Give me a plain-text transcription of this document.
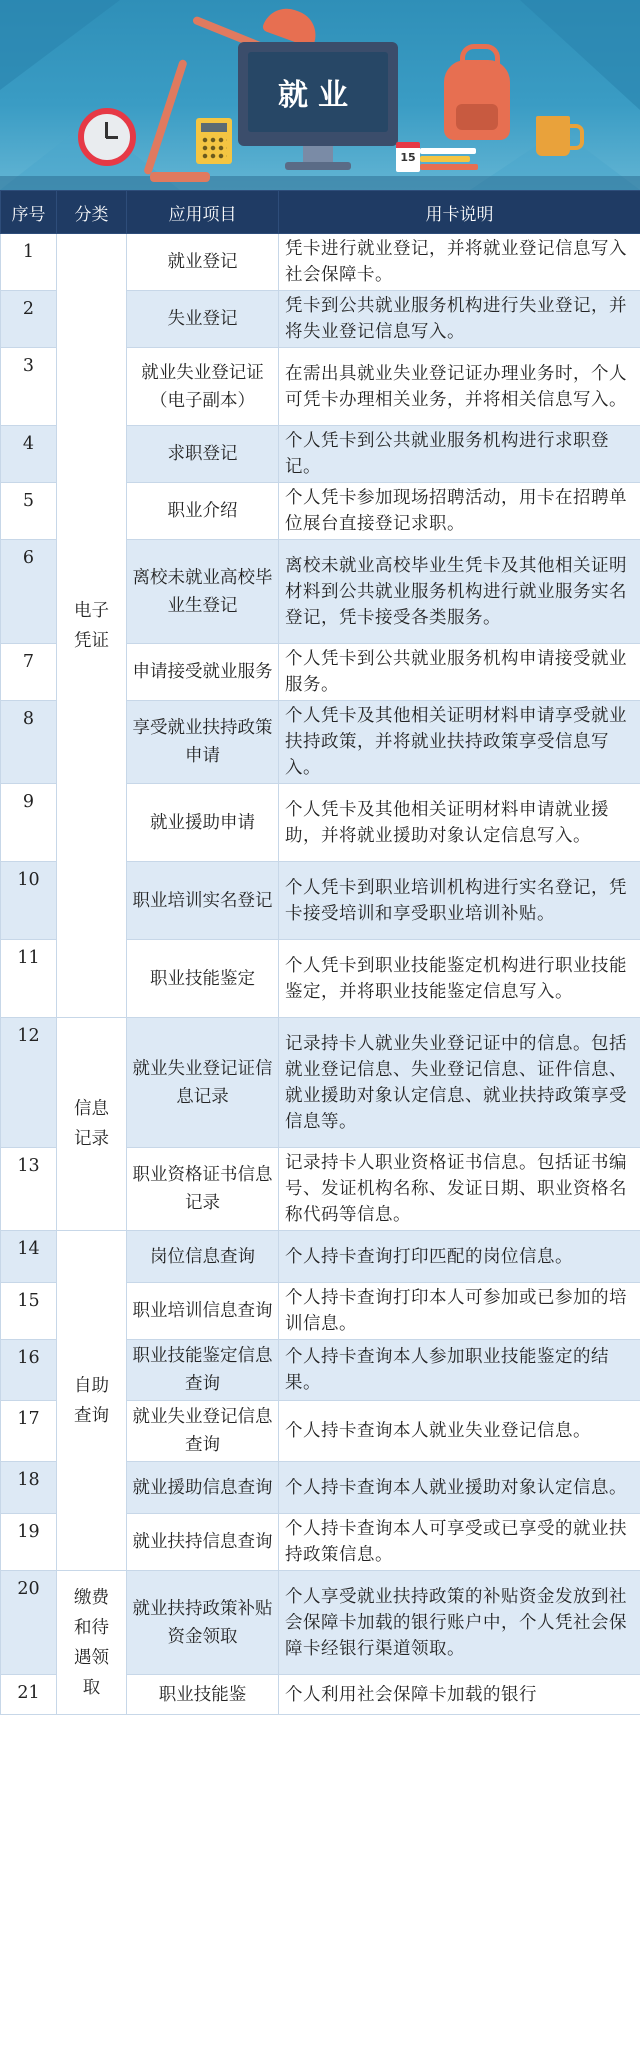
就业
15
序号	分类	应用项目	用卡说明
1	电子凭证	就业登记	凭卡进行就业登记，并将就业登记信息写入社会保障卡。
2		失业登记	凭卡到公共就业服务机构进行失业登记，并将失业登记信息写入。
3		就业失业登记证（电子副本）	在需出具就业失业登记证办理业务时，个人可凭卡办理相关业务，并将相关信息写入。
4		求职登记	个人凭卡到公共就业服务机构进行求职登记。
5		职业介绍	个人凭卡参加现场招聘活动，用卡在招聘单位展台直接登记求职。
6		离校未就业高校毕业生登记	离校未就业高校毕业生凭卡及其他相关证明材料到公共就业服务机构进行就业服务实名登记，凭卡接受各类服务。
7		申请接受就业服务	个人凭卡到公共就业服务机构申请接受就业服务。
8		享受就业扶持政策申请	个人凭卡及其他相关证明材料申请享受就业扶持政策，并将就业扶持政策享受信息写入。
9		就业援助申请	个人凭卡及其他相关证明材料申请就业援助，并将就业援助对象认定信息写入。
10		职业培训实名登记	个人凭卡到职业培训机构进行实名登记，凭卡接受培训和享受职业培训补贴。
11		职业技能鉴定	个人凭卡到职业技能鉴定机构进行职业技能鉴定，并将职业技能鉴定信息写入。
12	信息记录	就业失业登记证信息记录	记录持卡人就业失业登记证中的信息。包括就业登记信息、失业登记信息、证件信息、就业援助对象认定信息、就业扶持政策享受信息等。
13		职业资格证书信息记录	记录持卡人职业资格证书信息。包括证书编号、发证机构名称、发证日期、职业资格名称代码等信息。
14	自助查询	岗位信息查询	个人持卡查询打印匹配的岗位信息。
15		职业培训信息查询	个人持卡查询打印本人可参加或已参加的培训信息。
16		职业技能鉴定信息查询	个人持卡查询本人参加职业技能鉴定的结果。
17		就业失业登记信息查询	个人持卡查询本人就业失业登记信息。
18		就业援助信息查询	个人持卡查询本人就业援助对象认定信息。
19		就业扶持信息查询	个人持卡查询本人可享受或已享受的就业扶持政策信息。
20	缴费和待遇领取	就业扶持政策补贴资金领取	个人享受就业扶持政策的补贴资金发放到社会保障卡加载的银行账户中，个人凭社会保障卡经银行渠道领取。
21		职业技能鉴	个人利用社会保障卡加载的银行
